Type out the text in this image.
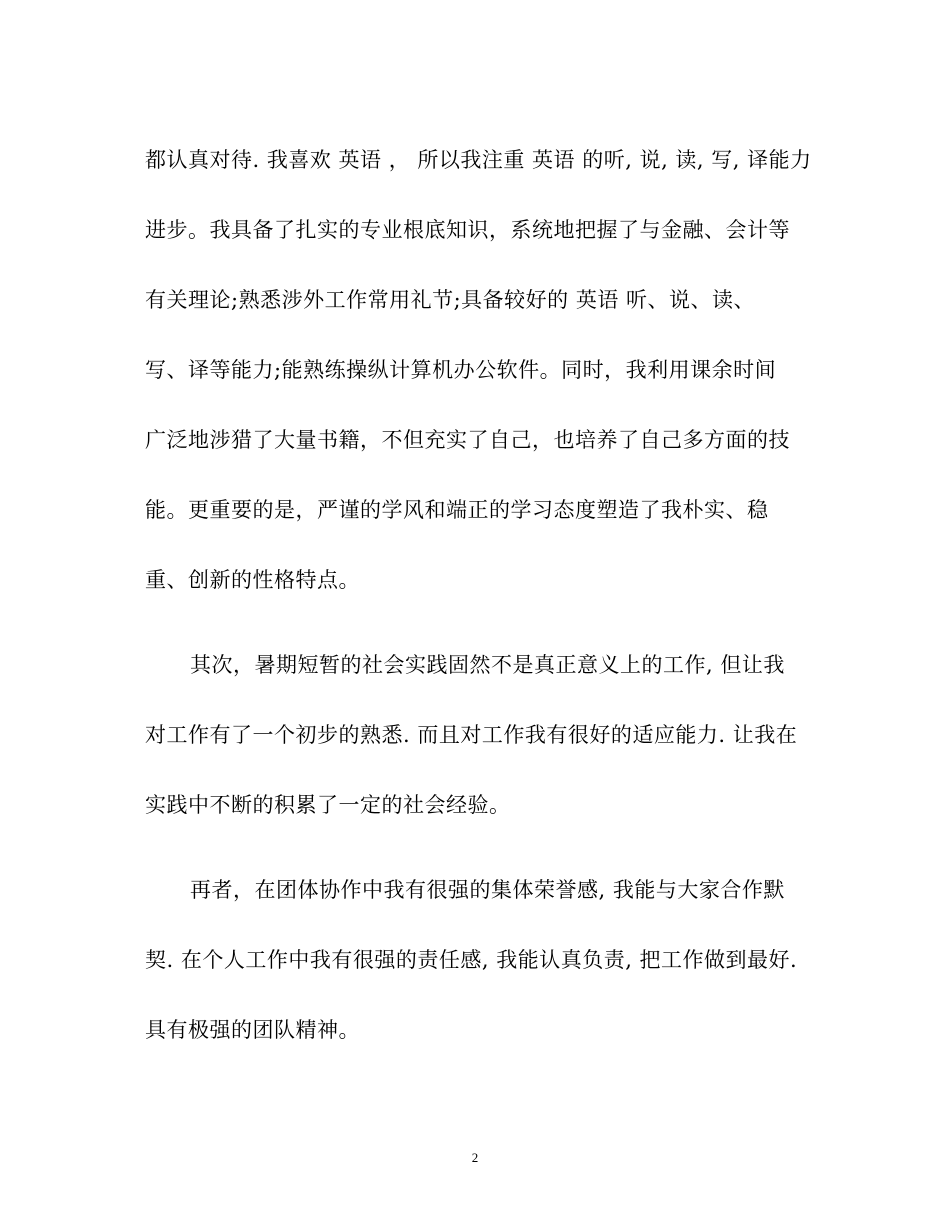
都认真对待. 我喜欢 英语 ， 所以我注重 英语 的听, 说, 读, 写, 译能力
进步。我具备了扎实的专业根底知识，系统地把握了与金融、会计等
有关理论;熟悉涉外工作常用礼节;具备较好的 英语 听、说、读、
写、译等能力;能熟练操纵计算机办公软件。同时，我利用课余时间
广泛地涉猎了大量书籍，不但充实了自己，也培养了自己多方面的技
能。更重要的是，严谨的学风和端正的学习态度塑造了我朴实、稳
重、创新的性格特点。
其次，暑期短暂的社会实践固然不是真正意义上的工作, 但让我
对工作有了一个初步的熟悉. 而且对工作我有很好的适应能力. 让我在
实践中不断的积累了一定的社会经验。
再者，在团体协作中我有很强的集体荣誉感, 我能与大家合作默
契. 在个人工作中我有很强的责任感, 我能认真负责, 把工作做到最好.
具有极强的团队精神。
2
